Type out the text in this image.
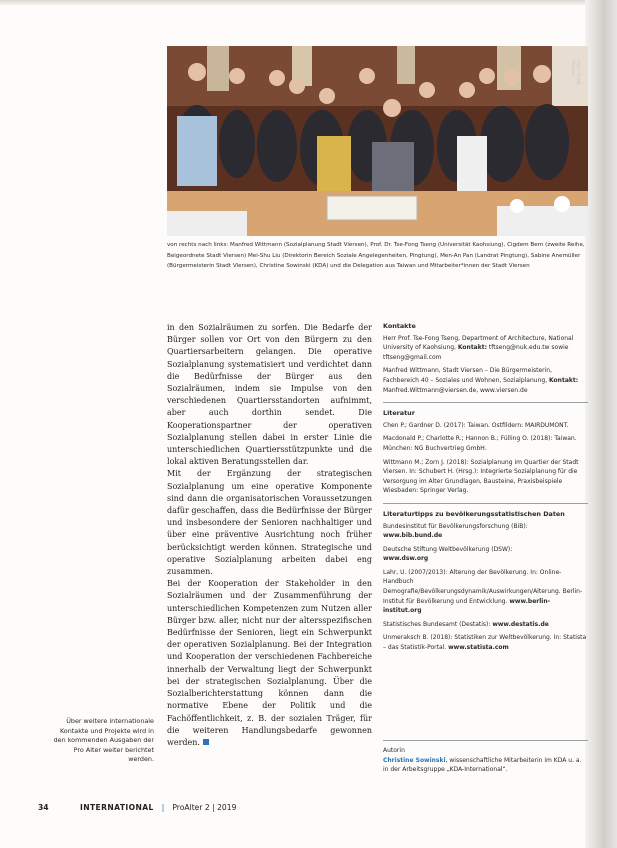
Foto: Stadt Viersen
von rechts nach links: Manfred Wittmann (Sozialplanung Stadt Viersen), Prof. Dr. Tse-Fong Tseng (Universität Kaohsiung), Cigdem Bern (zweite Reihe, Beigeordnete Stadt Viersen) Mei-Shu Liu (Direktorin Bereich Soziale Angelegenheiten, Pingtung), Men-An Pan (Landrat Pingtung), Sabine Anemüller (Bürgermeisterin Stadt Viersen), Christine Sowinski (KDA) und die Delegation aus Taiwan und Mitarbeiter*innen der Stadt Viersen

in den Sozialräumen zu sorfen. Die Bedarfe der Bürger sollen vor Ort von den Bürgern zu den Quartiersarbeitern gelangen. Die operative Sozialplanung systematisiert und verdichtet dann die Bedürfnisse der Bürger aus den Sozialräumen, indem sie Impulse von den verschiedenen Quartiersstandorten aufnimmt, aber auch dorthin sendet. Die Kooperationspartner der operativen Sozialplanung stellen dabei in erster Linie die unterschiedlichen Quartiersstützpunkte und die lokal aktiven Beratungsstellen dar.

Mit der Ergänzung der strategischen Sozialplanung um eine operative Komponente sind dann die organisatorischen Voraussetzungen dafür geschaffen, dass die Bedürfnisse der Bürger und insbesondere der Senioren nachhaltiger und über eine präventive Ausrichtung noch früher berücksichtigt werden können. Strategische und operative Sozialplanung arbeiten dabei eng zusammen.

Bei der Kooperation der Stakeholder in den Sozialräumen und der Zusammenführung der unterschiedlichen Kompetenzen zum Nutzen aller Bürger bzw. aller, nicht nur der altersspezifischen Bedürfnisse der Senioren, liegt ein Schwerpunkt der operativen Sozialplanung. Bei der Integration und Kooperation der verschiedenen Fachbereiche innerhalb der Verwaltung liegt der Schwerpunkt bei der strategischen Sozialplanung. Über die Sozialberichterstattung können dann die normative Ebene der Politik und die Fachöffentlichkeit, z. B. der sozialen Träger, für die weiteren Handlungsbedarfe gewonnen werden.

Kontakte
Herr Prof. Tse-Fong Tseng, Department of Architecture, National University of Kaohsiung, Kontakt: tftseng@nuk.edu.tw sowie tftseng@gmail.com
Manfred Wittmann, Stadt Viersen – Die Bürgermeisterin, Fachbereich 40 – Soziales und Wohnen, Sozialplanung, Kontakt: Manfred.Wittmann@viersen.de, www.viersen.de
Literatur
Chen P.; Gardner D. (2017): Taiwan. Ostfildern: MAIRDUMONT.
Macdonald P.; Charlotte R.; Hannon B.; Fülling O. (2018): Taiwan. München: NG Buchvertrieg GmbH.
Wittmann M.; Zorn J. (2018): Sozialplanung im Quartier der Stadt Viersen. In: Schubert H. (Hrsg.): Integrierte Sozialplanung für die Versorgung im Alter Grundlagen, Bausteine, Praxisbeispiele Wiesbaden: Springer Verlag.
Literaturtipps zu bevölkerungsstatistischen Daten
Bundesinstitut für Bevölkerungsforschung (BiB):
www.bib.bund.de
Deutsche Stiftung Weltbevölkerung (DSW):
www.dsw.org
Lahr, U. (2007/2013): Alterung der Bevölkerung. In: Online-Handbuch Demografie/Bevölkerungsdynamik/Auswirkungen/Alterung. Berlin-Institut für Bevölkerung und Entwicklung. www.berlin-institut.org
Statistisches Bundesamt (Destatis): www.destatis.de
Unmeraksch B. (2018): Statistiken zur Weltbevölkerung. In: Statista – das Statistik-Portal. www.statista.com
Autorin
Christine Sowinski, wissenschaftliche Mitarbeiterin im KDA u. a. in der Arbeitsgruppe „KDA-International“.
Über weitere internationale Kontakte und Projekte wird in den kommenden Ausgaben der Pro Alter weiter berichtet werden.
34	INTERNATIONAL | ProAlter 2 | 2019
